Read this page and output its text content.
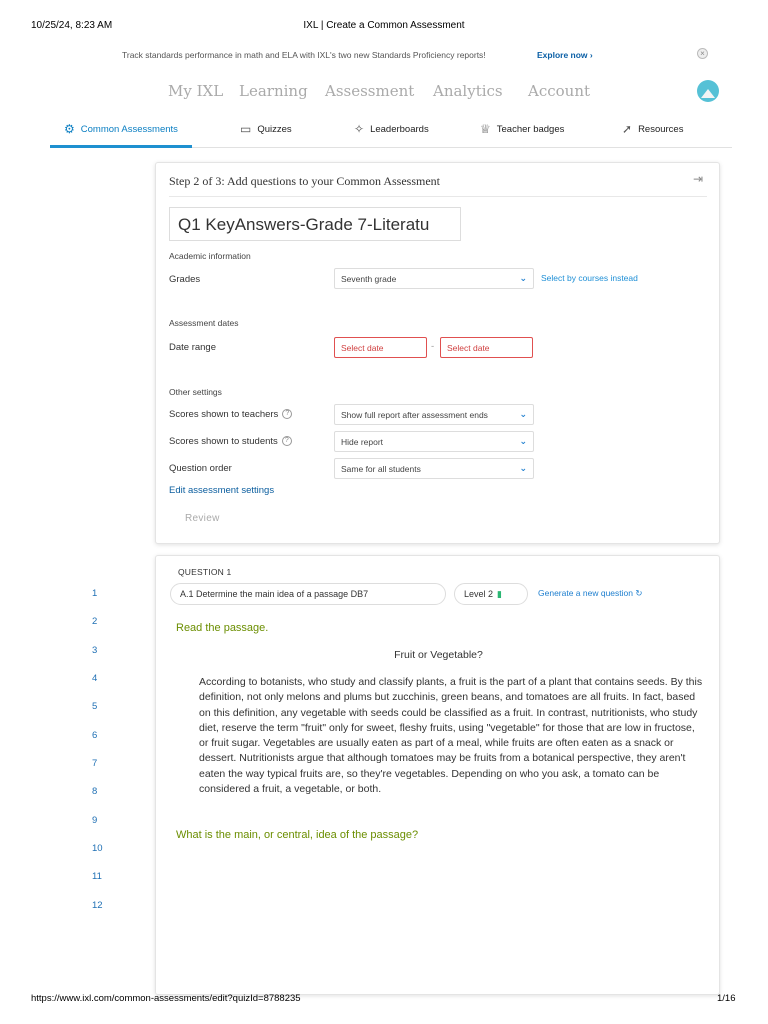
10/25/24, 8:23 AM	IXL | Create a Common Assessment
Track standards performance in math and ELA with IXL's two new Standards Proficiency reports!	Explore now ›	×
My IXL Learning Assessment Analytics Account
⚙ Common Assessments	▭ Quizzes	✧ Leaderboards	♕ Teacher badges	➚ Resources
Step 2 of 3: Add questions to your Common Assessment	⇥
Q1 KeyAnswers-Grade 7-Literatu
Academic information
Grades	Seventh grade	⌄ Select by courses instead
Assessment dates
Date range	Select date	-	Select date
Other settings
Scores shown to teachers ?	Show full report after assessment ends	⌄
Scores shown to students ?	Hide report	⌄
Question order	Same for all students	⌄
Edit assessment settings
Review
1
2
3
4
5
6
7
8
9
10
11
12
QUESTION 1
A.1 Determine the main idea of a passage DB7	Level 2 ▮	Generate a new question ↻
Read the passage.
Fruit or Vegetable?
According to botanists, who study and classify plants, a fruit is the part of a plant that contains seeds. By this definition, not only melons and plums but zucchinis, green beans, and tomatoes are all fruits. In fact, based on this definition, any vegetable with seeds could be classified as a fruit. In contrast, nutritionists, who study diet, reserve the term "fruit" only for sweet, fleshy fruits, using "vegetable" for those that are low in fructose, or fruit sugar. Vegetables are usually eaten as part of a meal, while fruits are often eaten as a snack or dessert. Nutritionists argue that although tomatoes may be fruits from a botanical perspective, they aren't eaten the way typical fruits are, so they're vegetables. Depending on who you ask, a tomato can be considered a fruit, a vegetable, or both.
What is the main, or central, idea of the passage?
https://www.ixl.com/common-assessments/edit?quizId=8788235	1/16
